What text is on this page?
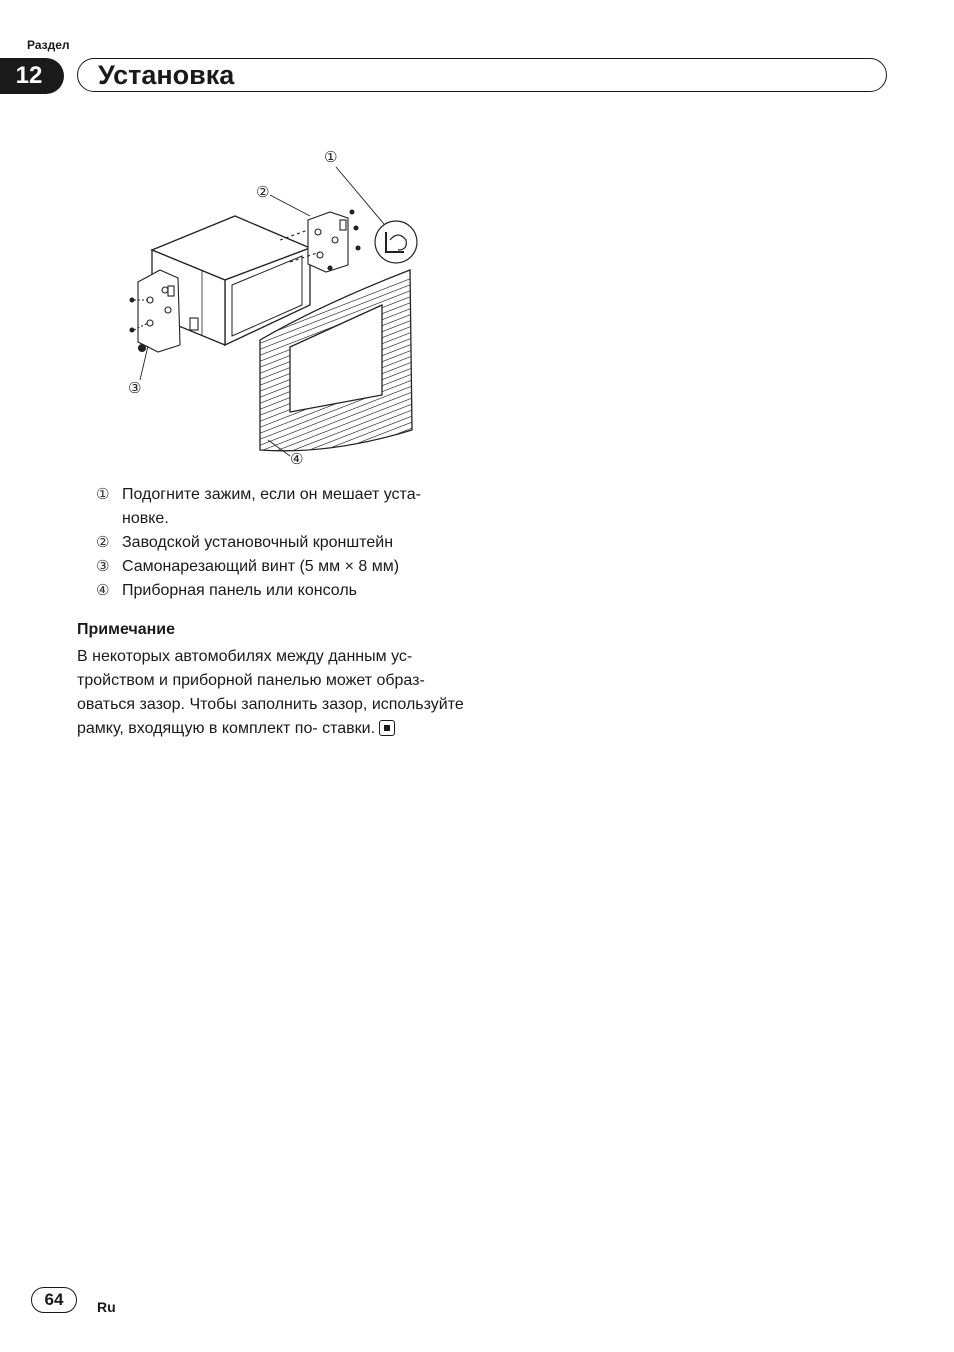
Раздел
12	Установка
①
②
③
④
① Подогните зажим, если он мешает уста-
новке.
② Заводской установочный кронштейн
③ Самонарезающий винт (5 мм × 8 мм)
④ Приборная панель или консоль
Примечание

В некоторых автомобилях между данным ус- тройством и приборной панелью может образ- оваться зазор. Чтобы заполнить зазор, используйте рамку, входящую в комплект по- ставки.

64	Ru
